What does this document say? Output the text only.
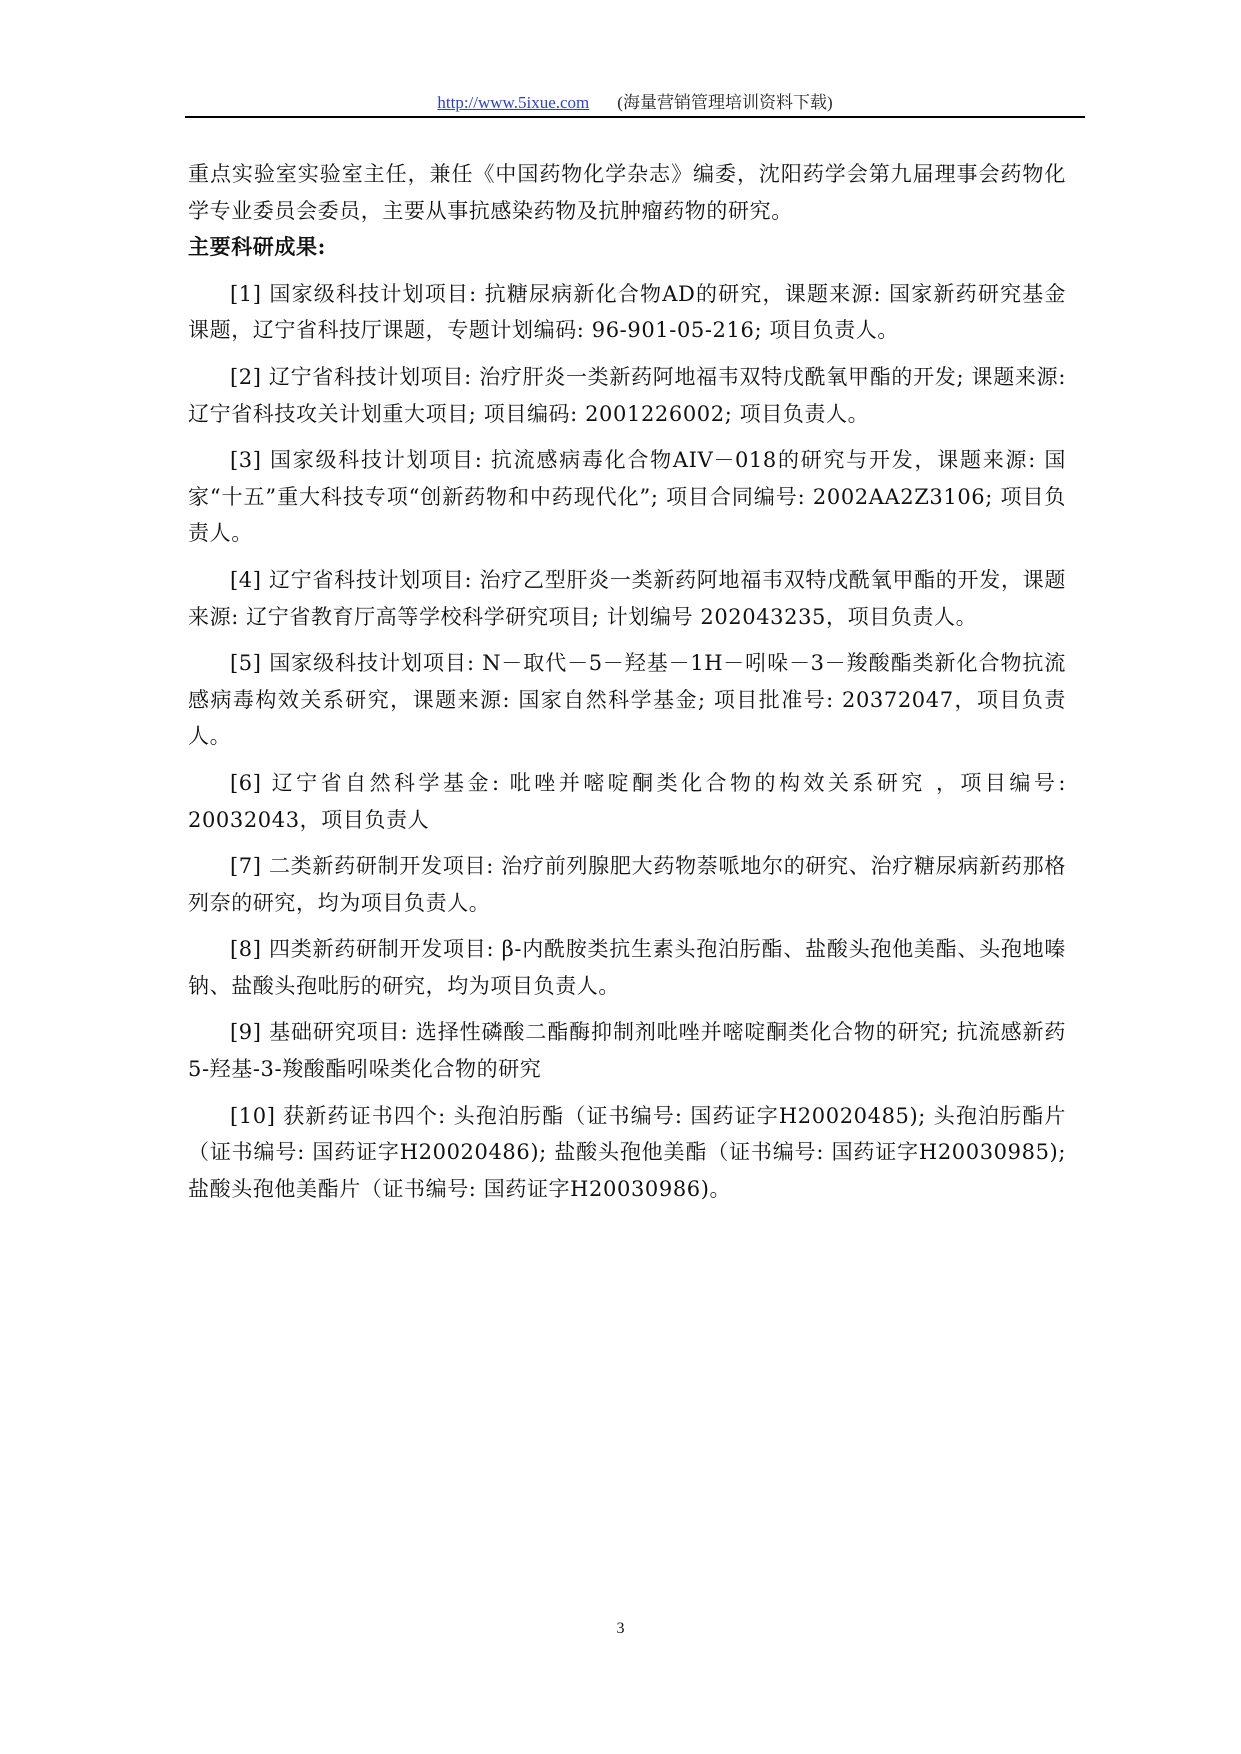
http://www.5ixue.com (海量营销管理培训资料下载)

重点实验室实验室主任，兼任《中国药物化学杂志》编委，沈阳药学会第九届理事会药物化学专业委员会委员，主要从事抗感染药物及抗肿瘤药物的研究。

主要科研成果:

[1] 国家级科技计划项目: 抗糖尿病新化合物AD的研究，课题来源: 国家新药研究基金课题，辽宁省科技厅课题，专题计划编码: 96-901-05-216; 项目负责人。

[2] 辽宁省科技计划项目: 治疗肝炎一类新药阿地福韦双特戊酰氧甲酯的开发; 课题来源: 辽宁省科技攻关计划重大项目; 项目编码: 2001226002; 项目负责人。

[3] 国家级科技计划项目: 抗流感病毒化合物AIV－018的研究与开发，课题来源: 国家“十五”重大科技专项“创新药物和中药现代化”; 项目合同编号: 2002AA2Z3106; 项目负责人。

[4] 辽宁省科技计划项目: 治疗乙型肝炎一类新药阿地福韦双特戊酰氧甲酯的开发，课题来源: 辽宁省教育厅高等学校科学研究项目; 计划编号 202043235，项目负责人。

[5] 国家级科技计划项目: N－取代－5－羟基－1H－吲哚－3－羧酸酯类新化合物抗流感病毒构效关系研究，课题来源: 国家自然科学基金; 项目批准号: 20372047，项目负责人。

[6] 辽宁省自然科学基金: 吡唑并嘧啶酮类化合物的构效关系研究 ，项目编号: 20032043，项目负责人

[7] 二类新药研制开发项目: 治疗前列腺肥大药物萘哌地尔的研究、治疗糖尿病新药那格列奈的研究，均为项目负责人。

[8] 四类新药研制开发项目: β-内酰胺类抗生素头孢泊肟酯、盐酸头孢他美酯、头孢地嗪钠、盐酸头孢吡肟的研究，均为项目负责人。

[9] 基础研究项目: 选择性磷酸二酯酶抑制剂吡唑并嘧啶酮类化合物的研究; 抗流感新药5-羟基-3-羧酸酯吲哚类化合物的研究

[10] 获新药证书四个: 头孢泊肟酯（证书编号: 国药证字H20020485); 头孢泊肟酯片（证书编号: 国药证字H20020486); 盐酸头孢他美酯（证书编号: 国药证字H20030985); 盐酸头孢他美酯片（证书编号: 国药证字H20030986)。

3
